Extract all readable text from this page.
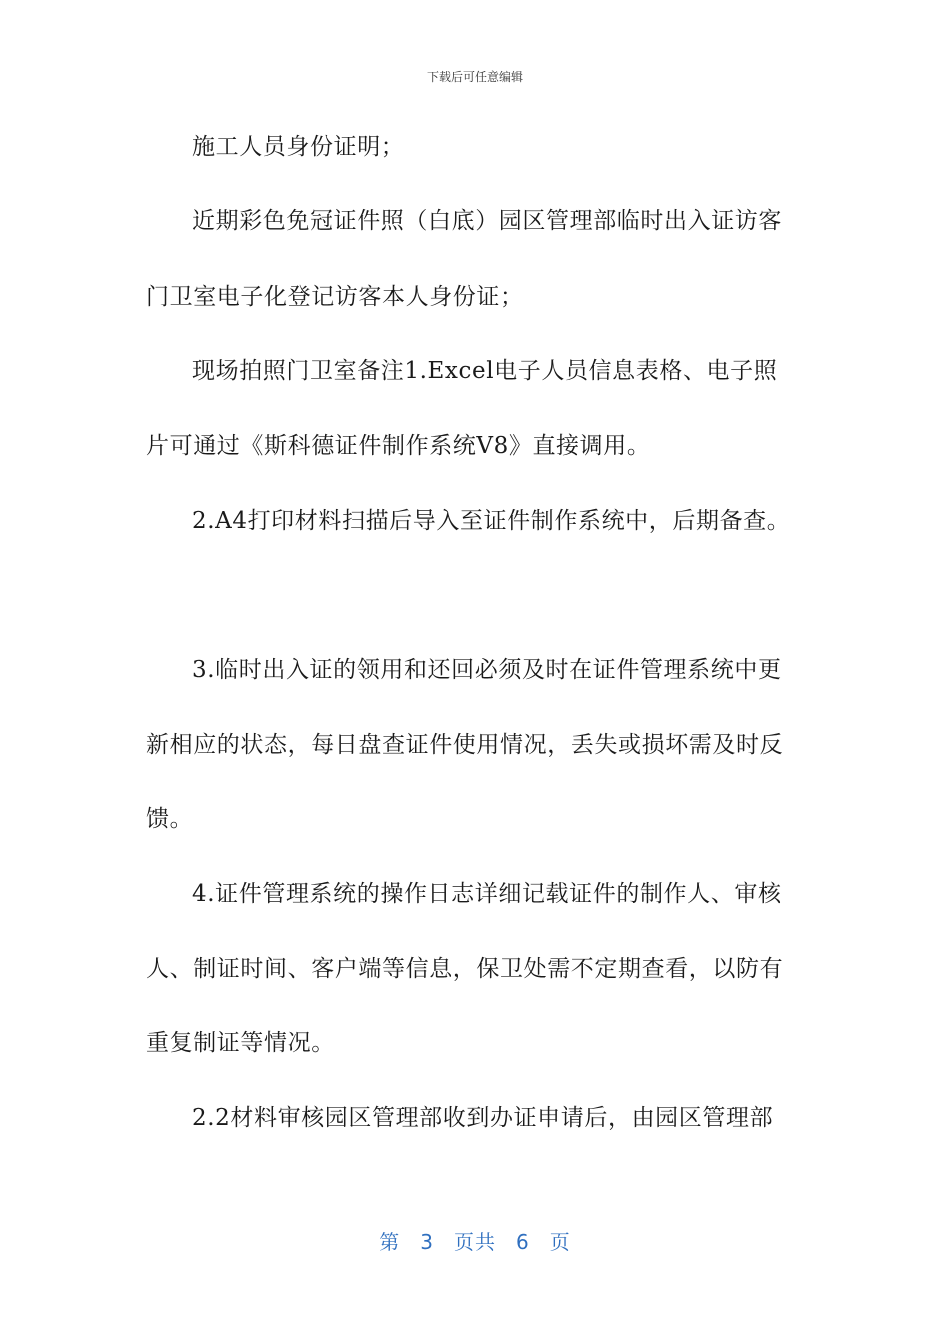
下载后可任意编辑
施工人员身份证明；
近期彩色免冠证件照（白底）园区管理部临时出入证访客
门卫室电子化登记访客本人身份证；
现场拍照门卫室备注1.Excel电子人员信息表格、电子照
片可通过《斯科德证件制作系统V8》直接调用。
2.A4打印材料扫描后导入至证件制作系统中，后期备查。
3.临时出入证的领用和还回必须及时在证件管理系统中更
新相应的状态，每日盘查证件使用情况，丢失或损坏需及时反
馈。
4.证件管理系统的操作日志详细记载证件的制作人、审核
人、制证时间、客户端等信息，保卫处需不定期查看，以防有
重复制证等情况。
2.2材料审核园区管理部收到办证申请后，由园区管理部
第 3 页共 6 页
